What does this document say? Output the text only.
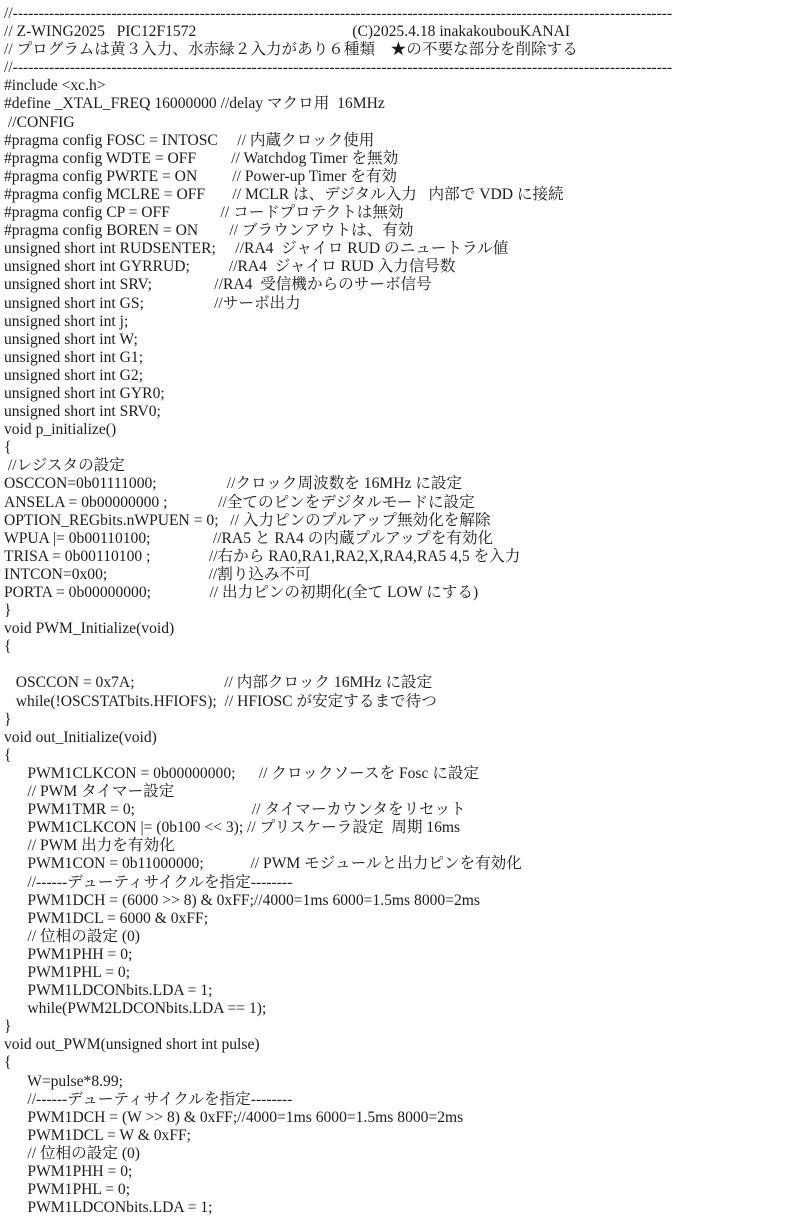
//-------------------------------------------------------------------------------------------------------------------------------
// Z-WING2025   PIC12F1572                                        (C)2025.4.18 inakakoubouKANAI
// プログラムは黄３入力、水赤緑２入力があり６種類    ★の不要な部分を削除する
//-------------------------------------------------------------------------------------------------------------------------------
#include <xc.h>
#define _XTAL_FREQ 16000000 //delay マクロ用  16MHz
//CONFIG
#pragma config FOSC = INTOSC     // 内蔵クロック使用
#pragma config WDTE = OFF         // Watchdog Timer を無効
#pragma config PWRTE = ON         // Power-up Timer を有効
#pragma config MCLRE = OFF       // MCLR は、デジタル入力   内部で VDD に接続
#pragma config CP = OFF             // コードプロテクトは無効
#pragma config BOREN = ON        // ブラウンアウトは、有効
unsigned short int RUDSENTER;     //RA4  ジャイロ RUD のニュートラル値
unsigned short int GYRRUD;          //RA4  ジャイロ RUD 入力信号数
unsigned short int SRV;                //RA4  受信機からのサーボ信号
unsigned short int GS;                  //サーボ出力
unsigned short int j;
unsigned short int W;
unsigned short int G1;
unsigned short int G2;
unsigned short int GYR0;
unsigned short int SRV0;
void p_initialize()
{
//レジスタの設定
OSCCON=0b01111000;                  //クロック周波数を 16MHz に設定
ANSELA = 0b00000000 ;             //全てのピンをデジタルモードに設定
OPTION_REGbits.nWPUEN = 0;   // 入力ピンのプルアップ無効化を解除
WPUA |= 0b00110100;                //RA5 と RA4 の内蔵プルアップを有効化
TRISA = 0b00110100 ;               //右から RA0,RA1,RA2,X,RA4,RA5 4,5 を入力
INTCON=0x00;                          //割り込み不可
PORTA = 0b00000000;               // 出力ピンの初期化(全て LOW にする)
}
void PWM_Initialize(void)
{
OSCCON = 0x7A;                       // 内部クロック 16MHz に設定
while(!OSCSTATbits.HFIOFS);  // HFIOSC が安定するまで待つ
}
void out_Initialize(void)
{
PWM1CLKCON = 0b00000000;      // クロックソースを Fosc に設定
// PWM タイマー設定
PWM1TMR = 0;                              // タイマーカウンタをリセット
PWM1CLKCON |= (0b100 << 3); // プリスケーラ設定  周期 16ms
// PWM 出力を有効化
PWM1CON = 0b11000000;            // PWM モジュールと出力ピンを有効化
//------デューティサイクルを指定--------
PWM1DCH = (6000 >> 8) & 0xFF;//4000=1ms 6000=1.5ms 8000=2ms
PWM1DCL = 6000 & 0xFF;
// 位相の設定 (0)
PWM1PHH = 0;
PWM1PHL = 0;
PWM1LDCONbits.LDA = 1;
while(PWM2LDCONbits.LDA == 1);
}
void out_PWM(unsigned short int pulse)
{
W=pulse*8.99;
//------デューティサイクルを指定--------
PWM1DCH = (W >> 8) & 0xFF;//4000=1ms 6000=1.5ms 8000=2ms
PWM1DCL = W & 0xFF;
// 位相の設定 (0)
PWM1PHH = 0;
PWM1PHL = 0;
PWM1LDCONbits.LDA = 1;
